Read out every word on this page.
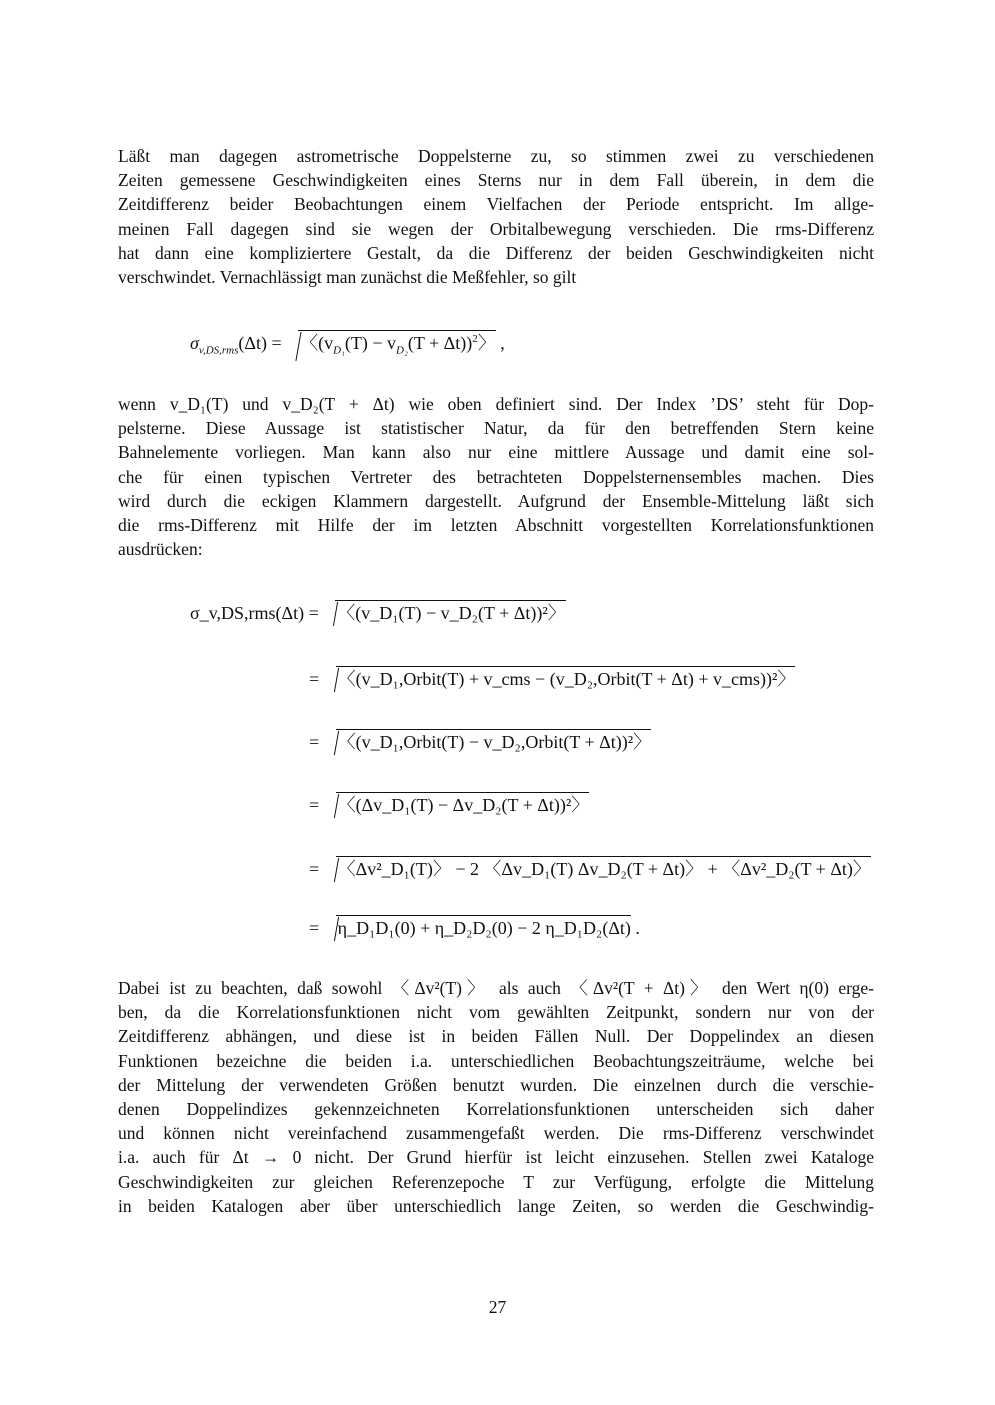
Läßt man dagegen astrometrische Doppelsterne zu, so stimmen zwei zu verschiedenen
Zeiten gemessene Geschwindigkeiten eines Sterns nur in dem Fall überein, in dem die
Zeitdifferenz beider Beobachtungen einem Vielfachen der Periode entspricht. Im allge-
meinen Fall dagegen sind sie wegen der Orbitalbewegung verschieden. Die rms-Differenz
hat dann eine kompliziertere Gestalt, da die Differenz der beiden Geschwindigkeiten nicht
verschwindet. Vernachlässigt man zunächst die Meßfehler, so gilt
$\sigma_{v,DS,rms}(\Delta t)$ = 〈$(v_{D_1}(T) - v_{D_2}(T + \Delta t))^2$〉 ,
wenn v_D₁(T) und v_D₂(T + Δt) wie oben definiert sind. Der Index ’DS’ steht für Dop-
pelsterne. Diese Aussage ist statistischer Natur, da für den betreffenden Stern keine
Bahnelemente vorliegen. Man kann also nur eine mittlere Aussage und damit eine sol-
che für einen typischen Vertreter des betrachteten Doppelsternensembles machen. Dies
wird durch die eckigen Klammern dargestellt. Aufgrund der Ensemble-Mittelung läßt sich
die rms-Differenz mit Hilfe der im letzten Abschnitt vorgestellten Korrelationsfunktionen
ausdrücken:
σ_v,DS,rms(Δt) = 〈(v_D₁(T) − v_D₂(T + Δt))²〉
= 〈(v_D₁,Orbit(T) + v_cms − (v_D₂,Orbit(T + Δt) + v_cms))²〉
= 〈(v_D₁,Orbit(T) − v_D₂,Orbit(T + Δt))²〉
= 〈(Δv_D₁(T) − Δv_D₂(T + Δt))²〉
= 〈Δv²_D₁(T)〉 − 2 〈Δv_D₁(T) Δv_D₂(T + Δt)〉 + 〈Δv²_D₂(T + Δt)〉
= η_D₁D₁(0) + η_D₂D₂(0) − 2 η_D₁D₂(Δt) .
Dabei ist zu beachten, daß sowohl 〈Δv²(T)〉 als auch 〈Δv²(T + Δt)〉 den Wert η(0) erge-
ben, da die Korrelationsfunktionen nicht vom gewählten Zeitpunkt, sondern nur von der
Zeitdifferenz abhängen, und diese ist in beiden Fällen Null. Der Doppelindex an diesen
Funktionen bezeichne die beiden i.a. unterschiedlichen Beobachtungszeiträume, welche bei
der Mittelung der verwendeten Größen benutzt wurden. Die einzelnen durch die verschie-
denen Doppelindizes gekennzeichneten Korrelationsfunktionen unterscheiden sich daher
und können nicht vereinfachend zusammengefaßt werden. Die rms-Differenz verschwindet
i.a. auch für Δt → 0 nicht. Der Grund hierfür ist leicht einzusehen. Stellen zwei Kataloge
Geschwindigkeiten zur gleichen Referenzepoche T zur Verfügung, erfolgte die Mittelung
in beiden Katalogen aber über unterschiedlich lange Zeiten, so werden die Geschwindig-
27
